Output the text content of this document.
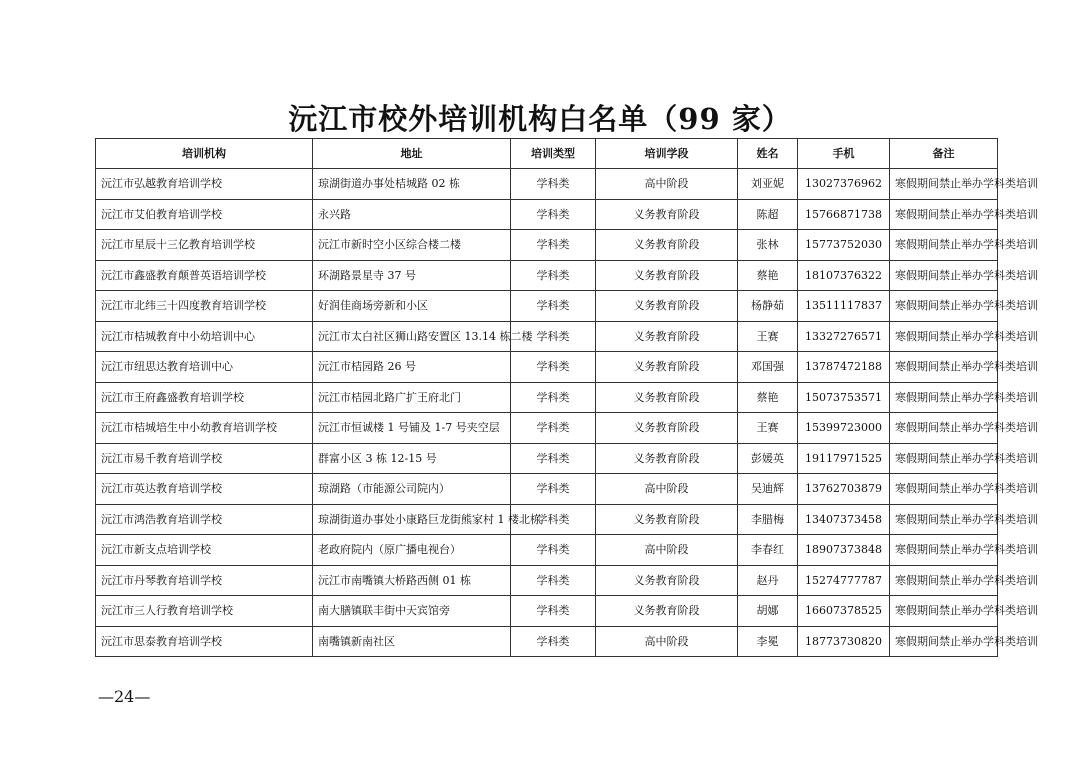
沅江市校外培训机构白名单（99 家）
培训机构	地址	培训类型	培训学段	姓名	手机	备注
沅江市弘越教育培训学校	琼湖街道办事处桔城路 02 栋	学科类	高中阶段	刘亚妮	13027376962	寒假期间禁止举办学科类培训
沅江市艾伯教育培训学校	永兴路	学科类	义务教育阶段	陈超	15766871738	寒假期间禁止举办学科类培训
沅江市星辰十三亿教育培训学校	沅江市新时空小区综合楼二楼	学科类	义务教育阶段	张林	15773752030	寒假期间禁止举办学科类培训
沅江市鑫盛教育颠普英语培训学校	环湖路景星寺 37 号	学科类	义务教育阶段	蔡艳	18107376322	寒假期间禁止举办学科类培训
沅江市北纬三十四度教育培训学校	好润佳商场旁新和小区	学科类	义务教育阶段	杨静茹	13511117837	寒假期间禁止举办学科类培训
沅江市桔城教育中小幼培训中心	沅江市太白社区狮山路安置区 13.14 栋二楼	学科类	义务教育阶段	王赛	13327276571	寒假期间禁止举办学科类培训
沅江市纽思达教育培训中心	沅江市桔园路 26 号	学科类	义务教育阶段	邓国强	13787472188	寒假期间禁止举办学科类培训
沅江市王府鑫盛教育培训学校	沅江市桔园北路广扩王府北门	学科类	义务教育阶段	蔡艳	15073753571	寒假期间禁止举办学科类培训
沅江市桔城培生中小幼教育培训学校	沅江市恒诚楼 1 号铺及 1-7 号夹空层	学科类	义务教育阶段	王赛	15399723000	寒假期间禁止举办学科类培训
沅江市易千教育培训学校	群富小区 3 栋 12-15 号	学科类	义务教育阶段	彭媛英	19117971525	寒假期间禁止举办学科类培训
沅江市英达教育培训学校	琼湖路（市能源公司院内）	学科类	高中阶段	吴迪辉	13762703879	寒假期间禁止举办学科类培训
沅江市鸿浩教育培训学校	琼湖街道办事处小康路巨龙街熊家村 1 楼北栋	学科类	义务教育阶段	李腊梅	13407373458	寒假期间禁止举办学科类培训
沅江市新支点培训学校	老政府院内（原广播电视台）	学科类	高中阶段	李春红	18907373848	寒假期间禁止举办学科类培训
沅江市丹琴教育培训学校	沅江市南嘴镇大桥路西侧 01 栋	学科类	义务教育阶段	赵丹	15274777787	寒假期间禁止举办学科类培训
沅江市三人行教育培训学校	南大膳镇联丰街中天宾馆旁	学科类	义务教育阶段	胡娜	16607378525	寒假期间禁止举办学科类培训
沅江市思泰教育培训学校	南嘴镇新南社区	学科类	高中阶段	李冕	18773730820	寒假期间禁止举办学科类培训
—24—
